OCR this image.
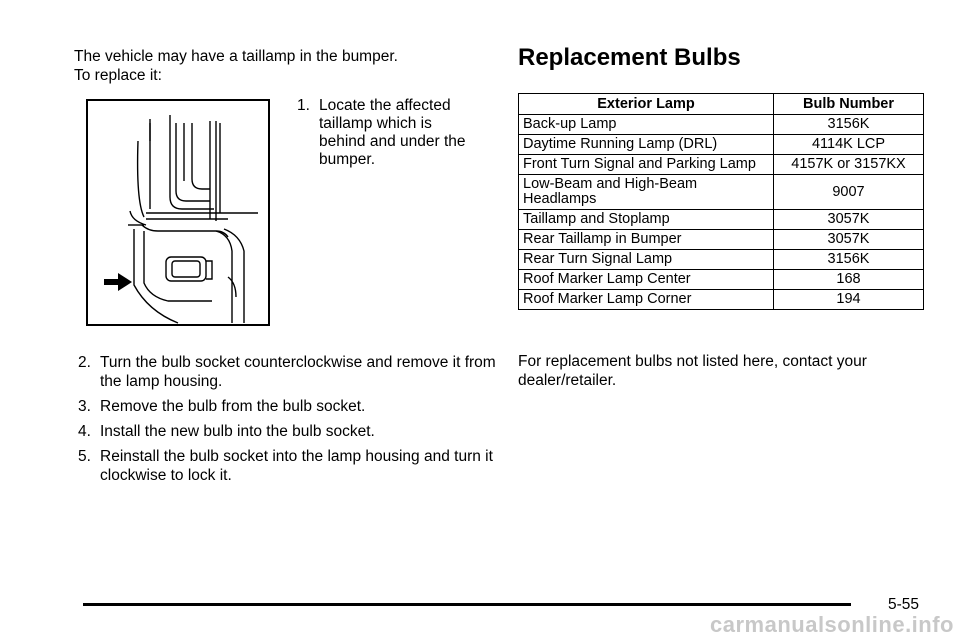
The vehicle may have a taillamp in the bumper.

To replace it:

1. Locate the affected taillamp which is behind and under the bumper.
2. Turn the bulb socket counterclockwise and remove it from the lamp housing.
3. Remove the bulb from the bulb socket.
4. Install the new bulb into the bulb socket.
5. Reinstall the bulb socket into the lamp housing and turn it clockwise to lock it.
Replacement Bulbs
Exterior Lamp	Bulb Number
Back-up Lamp	3156K
Daytime Running Lamp (DRL)	4114K LCP
Front Turn Signal and Parking Lamp	4157K or 3157KX
Low-Beam and High-Beam Headlamps	9007
Taillamp and Stoplamp	3057K
Rear Taillamp in Bumper	3057K
Rear Turn Signal Lamp	3156K
Roof Marker Lamp Center	168
Roof Marker Lamp Corner	194

For replacement bulbs not listed here, contact your dealer/retailer.

5-55
carmanualsonline.info
